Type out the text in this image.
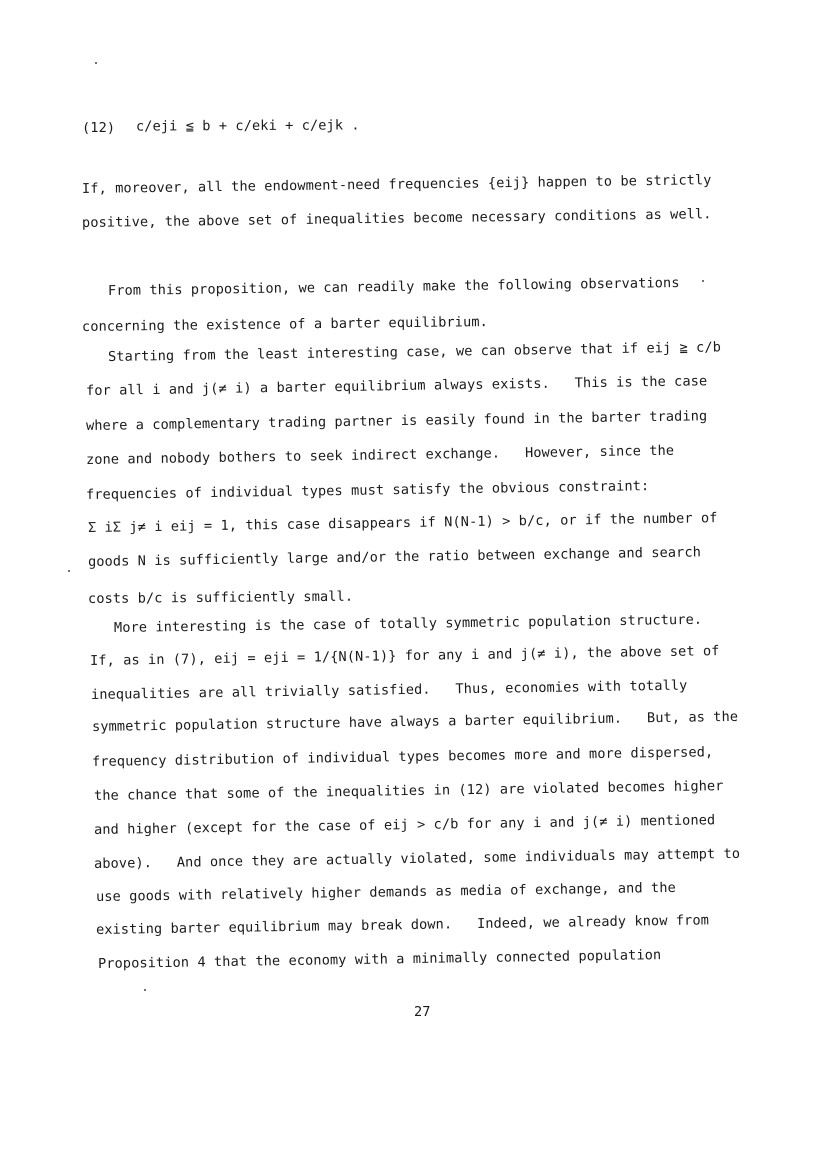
(12) c/eji ≦ b + c/eki + c/ejk .
If, moreover, all the endowment-need frequencies {eij} happen to be strictly
positive, the above set of inequalities become necessary conditions as well.
From this proposition, we can readily make the following observations
concerning the existence of a barter equilibrium.
Starting from the least interesting case, we can observe that if eij ≧ c/b
for all i and j(≠ i) a barter equilibrium always exists.   This is the case
where a complementary trading partner is easily found in the barter trading
zone and nobody bothers to seek indirect exchange.   However, since the
frequencies of individual types must satisfy the obvious constraint:
Σ iΣ j≠ i eij = 1, this case disappears if N(N-1) > b/c, or if the number of
goods N is sufficiently large and/or the ratio between exchange and search
costs b/c is sufficiently small.
More interesting is the case of totally symmetric population structure.
If, as in (7), eij = eji = 1/{N(N-1)} for any i and j(≠ i), the above set of
inequalities are all trivially satisfied.   Thus, economies with totally
symmetric population structure have always a barter equilibrium.   But, as the
frequency distribution of individual types becomes more and more dispersed,
the chance that some of the inequalities in (12) are violated becomes higher
and higher (except for the case of eij > c/b for any i and j(≠ i) mentioned
above).   And once they are actually violated, some individuals may attempt to
use goods with relatively higher demands as media of exchange, and the
existing barter equilibrium may break down.   Indeed, we already know from
Proposition 4 that the economy with a minimally connected population
27
